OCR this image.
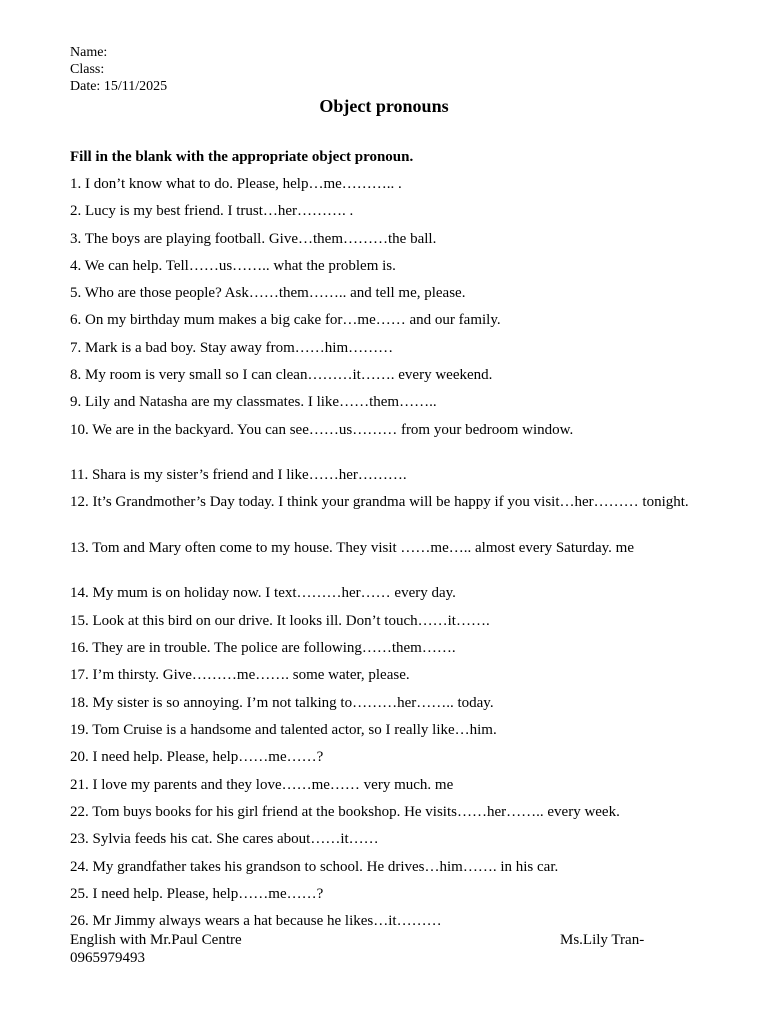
Name:
Class:
Date: 15/11/2025
Object pronouns
Fill in the blank with the appropriate object pronoun.
1. I don’t know what to do. Please, help…me……….. .
2. Lucy is my best friend. I trust…her………. .
3. The boys are playing football. Give…them………the ball.
4. We can help. Tell……us…….. what the problem is.
5. Who are those people? Ask……them…….. and tell me, please.
6. On my birthday mum makes a big cake for…me…… and our family.
7. Mark is a bad boy. Stay away from……him………
8. My room is very small so I can clean………it……. every weekend.
9. Lily and Natasha are my classmates. I like……them……..
10. We are in the backyard. You can see……us……… from your bedroom window.
11. Shara is my sister’s friend and I like……her……….
12. It’s Grandmother’s Day today. I think your grandma will be happy if you visit…her……… tonight.
13. Tom and Mary often come to my house. They visit ……me….. almost every Saturday. me
14. My mum is on holiday now. I text………her…… every day.
15. Look at this bird on our drive. It looks ill. Don’t touch……it…….
16. They are in trouble. The police are following……them…….
17. I’m thirsty. Give………me……. some water, please.
18. My sister is so annoying. I’m not talking to………her…….. today.
19. Tom Cruise is a handsome and talented actor, so I really like…him.
20. I need help. Please, help……me……?
21. I love my parents and they love……me…… very much. me
22. Tom buys books for his girl friend at the bookshop. He visits……her…….. every week.
23. Sylvia feeds his cat. She cares about……it……
24. My grandfather takes his grandson to school. He drives…him……. in his car.
25. I need help. Please, help……me……?
26. Mr Jimmy always wears a hat because he likes…it………
English with Mr.Paul Centre	Ms.Lily Tran-
0965979493
